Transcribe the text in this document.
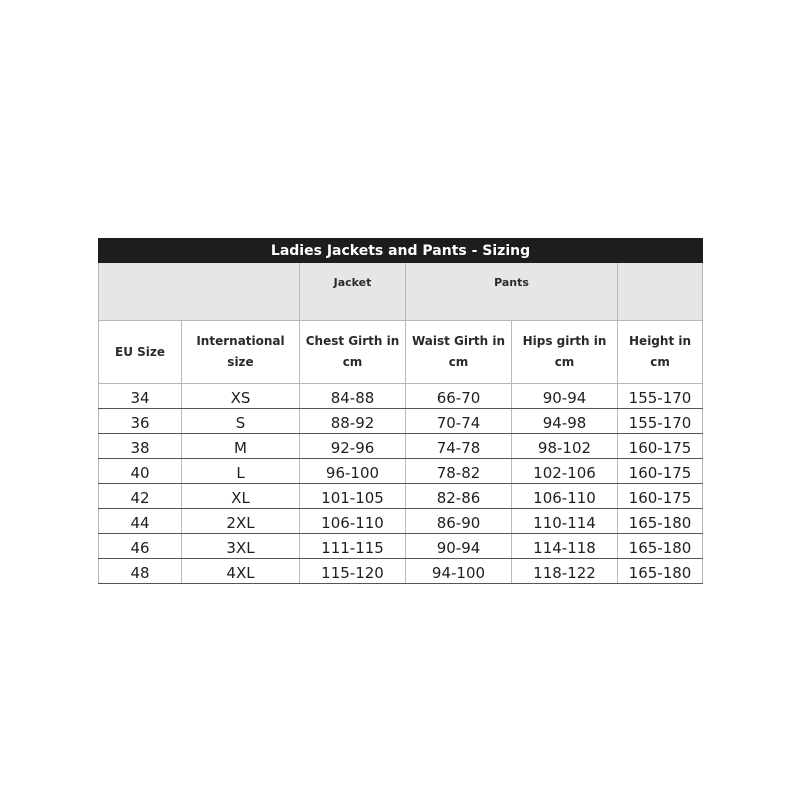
Ladies Jackets and Pants - Sizing					
		Jacket	Pants		
EU Size	International size	Chest Girth in cm	Waist Girth in cm	Hips girth in cm	Height in cm
34	XS	84-88	66-70	90-94	155-170
36	S	88-92	70-74	94-98	155-170
38	M	92-96	74-78	98-102	160-175
40	L	96-100	78-82	102-106	160-175
42	XL	101-105	82-86	106-110	160-175
44	2XL	106-110	86-90	110-114	165-180
46	3XL	111-115	90-94	114-118	165-180
48	4XL	115-120	94-100	118-122	165-180
